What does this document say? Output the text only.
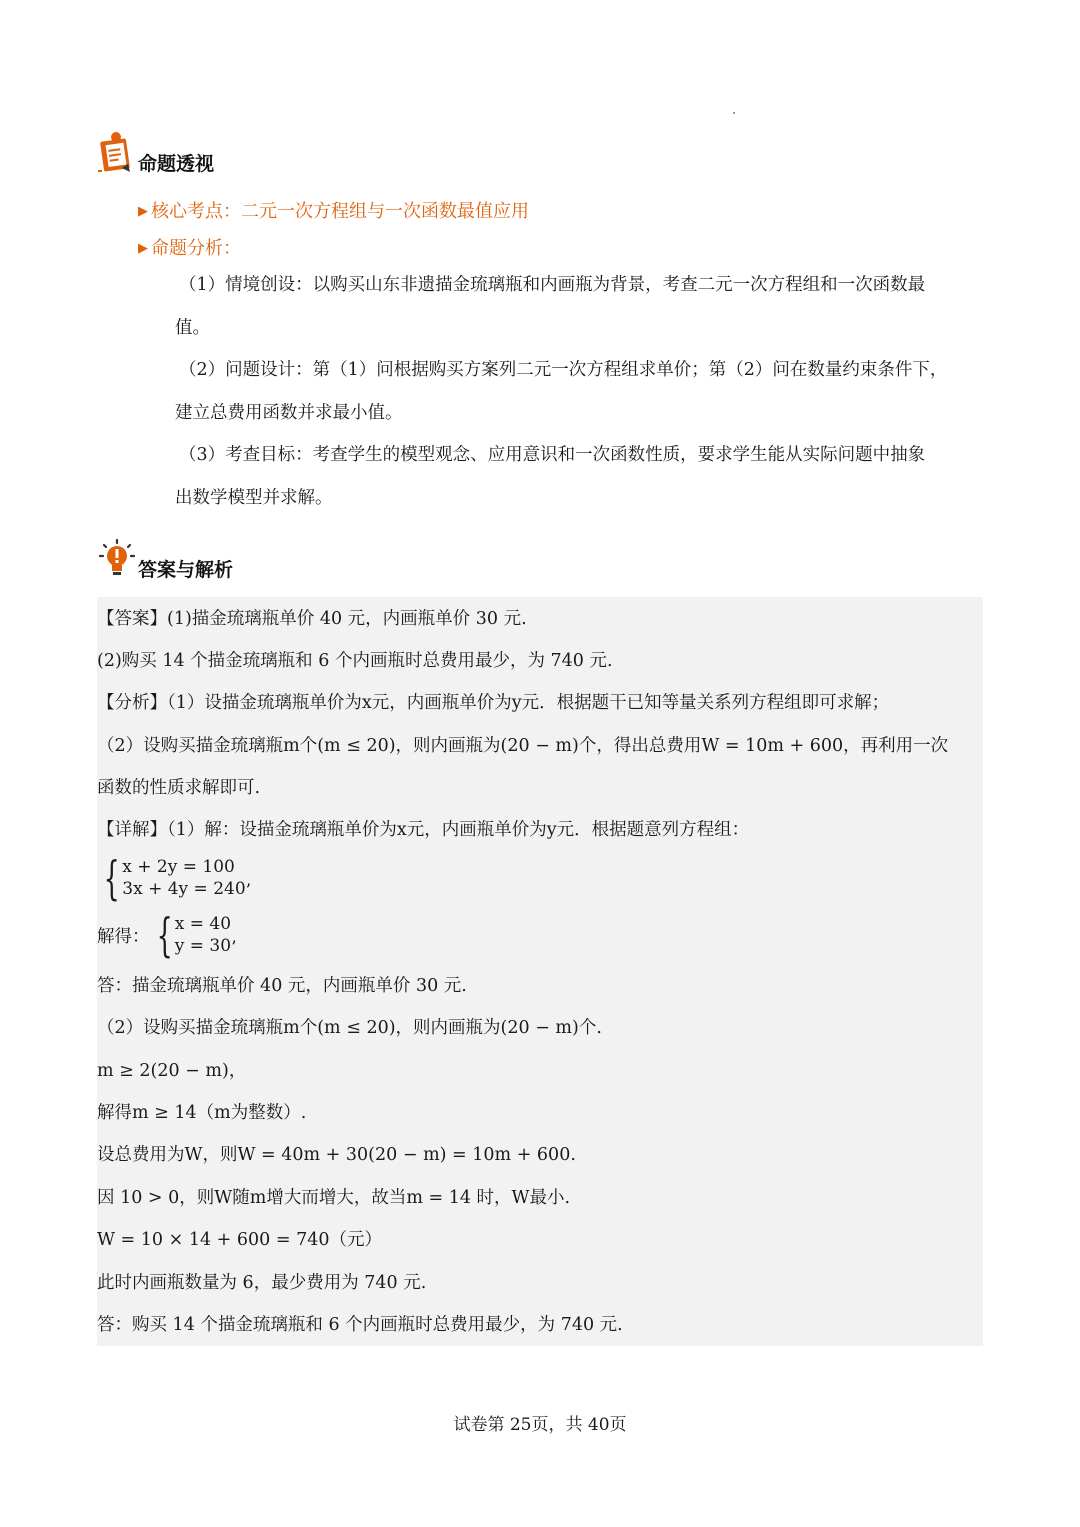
命题透视
▶ 核心考点：二元一次方程组与一次函数最值应用
▶ 命题分析：

（1）情境创设：以购买山东非遗描金琉璃瓶和内画瓶为背景，考查二元一次方程组和一次函数最
值。

（2）问题设计：第（1）问根据购买方案列二元一次方程组求单价；第（2）问在数量约束条件下，
建立总费用函数并求最小值。

（3）考查目标：考查学生的模型观念、应用意识和一次函数性质，要求学生能从实际问题中抽象
出数学模型并求解。

答案与解析
【答案】(1)描金琉璃瓶单价 40 元，内画瓶单价 30 元.
(2)购买 14 个描金琉璃瓶和 6 个内画瓶时总费用最少，为 740 元.
【分析】（1）设描金琉璃瓶单价为x元，内画瓶单价为y元．根据题干已知等量关系列方程组即可求解；
（2）设购买描金琉璃瓶m个(m ≤ 20)，则内画瓶为(20 − m)个，得出总费用W = 10m + 600，再利用一次
函数的性质求解即可.
【详解】（1）解：设描金琉璃瓶单价为x元，内画瓶单价为y元．根据题意列方程组：
{ x + 2y = 100
3x + 4y = 240 ’
解得： { x = 40
y = 30 ’
答：描金琉璃瓶单价 40 元，内画瓶单价 30 元.
（2）设购买描金琉璃瓶m个(m ≤ 20)，则内画瓶为(20 − m)个.
m ≥ 2(20 − m)，
解得m ≥ 14（m为整数）.
设总费用为W，则W = 40m + 30(20 − m) = 10m + 600.
因 10 > 0，则W随m增大而增大，故当m = 14 时，W最小.
W = 10 × 14 + 600 = 740（元）
此时内画瓶数量为 6，最少费用为 740 元.
答：购买 14 个描金琉璃瓶和 6 个内画瓶时总费用最少，为 740 元.
试卷第 25页，共 40页
